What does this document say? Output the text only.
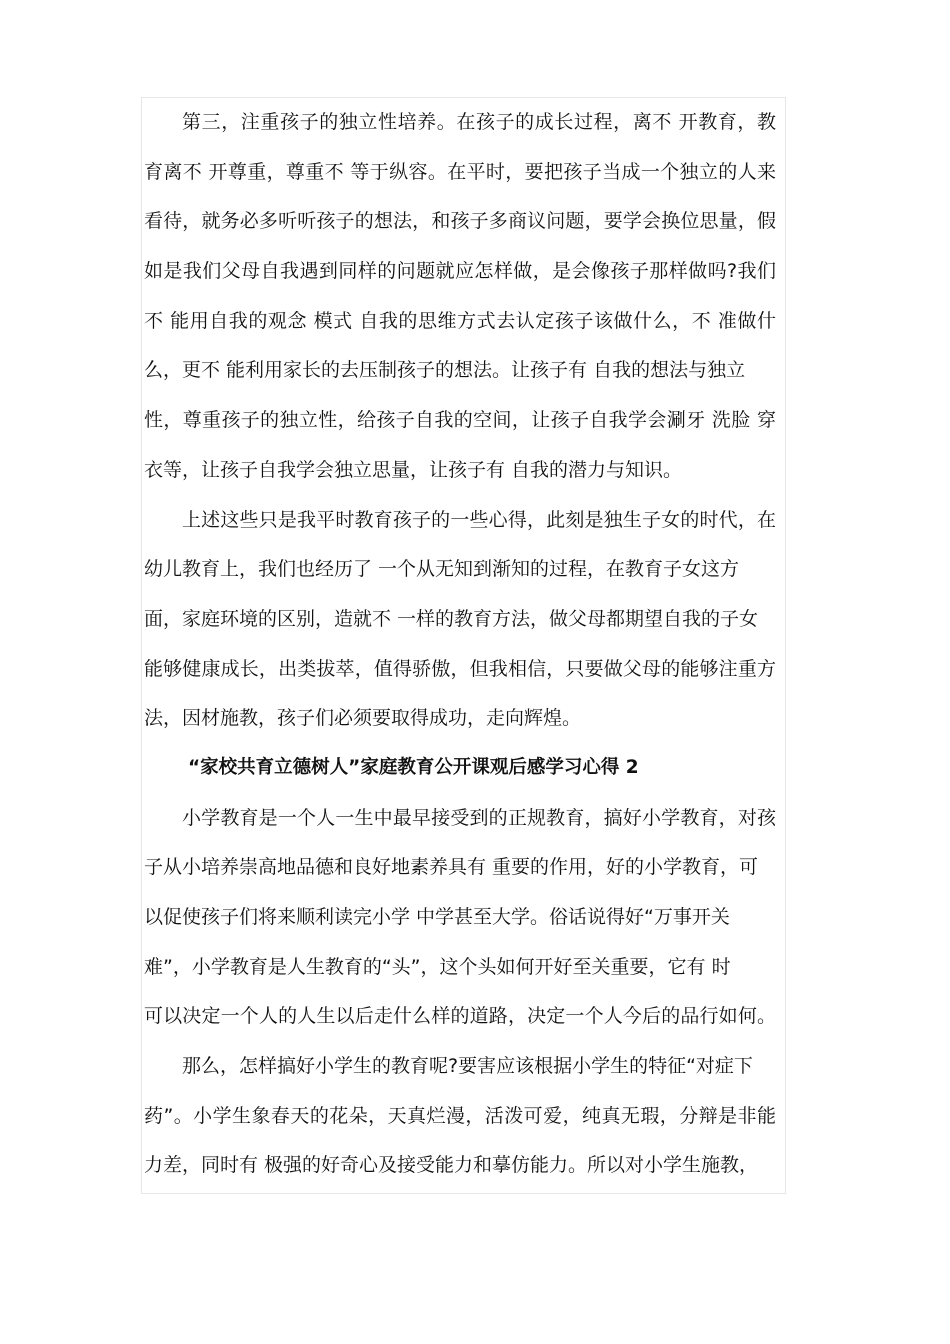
第三，注重孩子的独立性培养。在孩子的成长过程，离不 开教育，教
育离不 开尊重，尊重不 等于纵容。在平时，要把孩子当成一个独立的人来
看待，就务必多听听孩子的想法，和孩子多商议问题，要学会换位思量，假
如是我们父母自我遇到同样的问题就应怎样做，是会像孩子那样做吗?我们
不 能用自我的观念 模式 自我的思维方式去认定孩子该做什么，不 准做什
么，更不 能利用家长的去压制孩子的想法。让孩子有 自我的想法与独立
性，尊重孩子的独立性，给孩子自我的空间，让孩子自我学会涮牙 洗脸 穿
衣等，让孩子自我学会独立思量，让孩子有 自我的潜力与知识。
上述这些只是我平时教育孩子的一些心得，此刻是独生子女的时代，在
幼儿教育上，我们也经历了 一个从无知到渐知的过程，在教育子女这方
面，家庭环境的区别，造就不 一样的教育方法，做父母都期望自我的子女
能够健康成长，出类拔萃，值得骄傲，但我相信，只要做父母的能够注重方
法，因材施教，孩子们必须要取得成功，走向辉煌。
“家校共育立德树人”家庭教育公开课观后感学习心得 2
小学教育是一个人一生中最早接受到的正规教育，搞好小学教育，对孩
子从小培养崇高地品德和良好地素养具有 重要的作用，好的小学教育，可
以促使孩子们将来顺利读完小学 中学甚至大学。俗话说得好“万事开关
难”，小学教育是人生教育的“头”，这个头如何开好至关重要，它有 时
可以决定一个人的人生以后走什么样的道路，决定一个人今后的品行如何。
那么，怎样搞好小学生的教育呢?要害应该根据小学生的特征“对症下
药”。小学生象春天的花朵，天真烂漫，活泼可爱，纯真无瑕，分辩是非能
力差，同时有 极强的好奇心及接受能力和摹仿能力。所以对小学生施教，
